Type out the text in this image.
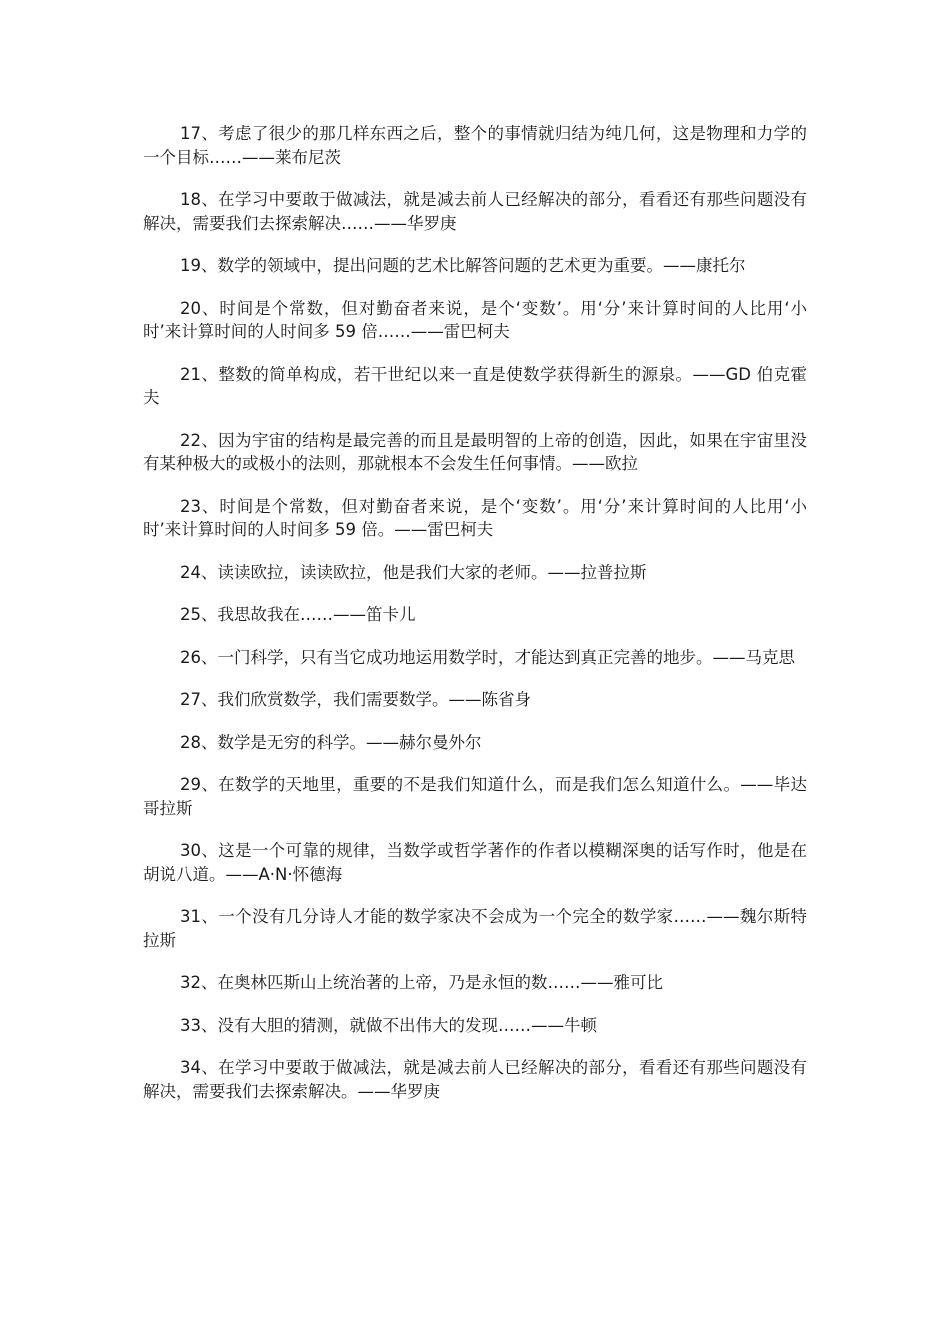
17、考虑了很少的那几样东西之后，整个的事情就归结为纯几何，这是物理和力学的一个目标……——莱布尼茨

18、在学习中要敢于做减法，就是减去前人已经解决的部分，看看还有那些问题没有解决，需要我们去探索解决……——华罗庚

19、数学的领域中，提出问题的艺术比解答问题的艺术更为重要。——康托尔

20、时间是个常数，但对勤奋者来说，是个‘变数’。用‘分’来计算时间的人比用‘小时’来计算时间的人时间多 59 倍……——雷巴柯夫

21、整数的简单构成，若干世纪以来一直是使数学获得新生的源泉。——GD 伯克霍夫

22、因为宇宙的结构是最完善的而且是最明智的上帝的创造，因此，如果在宇宙里没有某种极大的或极小的法则，那就根本不会发生任何事情。——欧拉

23、时间是个常数，但对勤奋者来说，是个‘变数’。用‘分’来计算时间的人比用‘小时’来计算时间的人时间多 59 倍。——雷巴柯夫

24、读读欧拉，读读欧拉，他是我们大家的老师。——拉普拉斯

25、我思故我在……——笛卡儿

26、一门科学，只有当它成功地运用数学时，才能达到真正完善的地步。——马克思

27、我们欣赏数学，我们需要数学。——陈省身

28、数学是无穷的科学。——赫尔曼外尔

29、在数学的天地里，重要的不是我们知道什么，而是我们怎么知道什么。——毕达哥拉斯

30、这是一个可靠的规律，当数学或哲学著作的作者以模糊深奥的话写作时，他是在胡说八道。——A·N·怀德海

31、一个没有几分诗人才能的数学家决不会成为一个完全的数学家……——魏尔斯特拉斯

32、在奥林匹斯山上统治著的上帝，乃是永恒的数……——雅可比

33、没有大胆的猜测，就做不出伟大的发现……——牛顿

34、在学习中要敢于做减法，就是减去前人已经解决的部分，看看还有那些问题没有解决，需要我们去探索解决。——华罗庚
